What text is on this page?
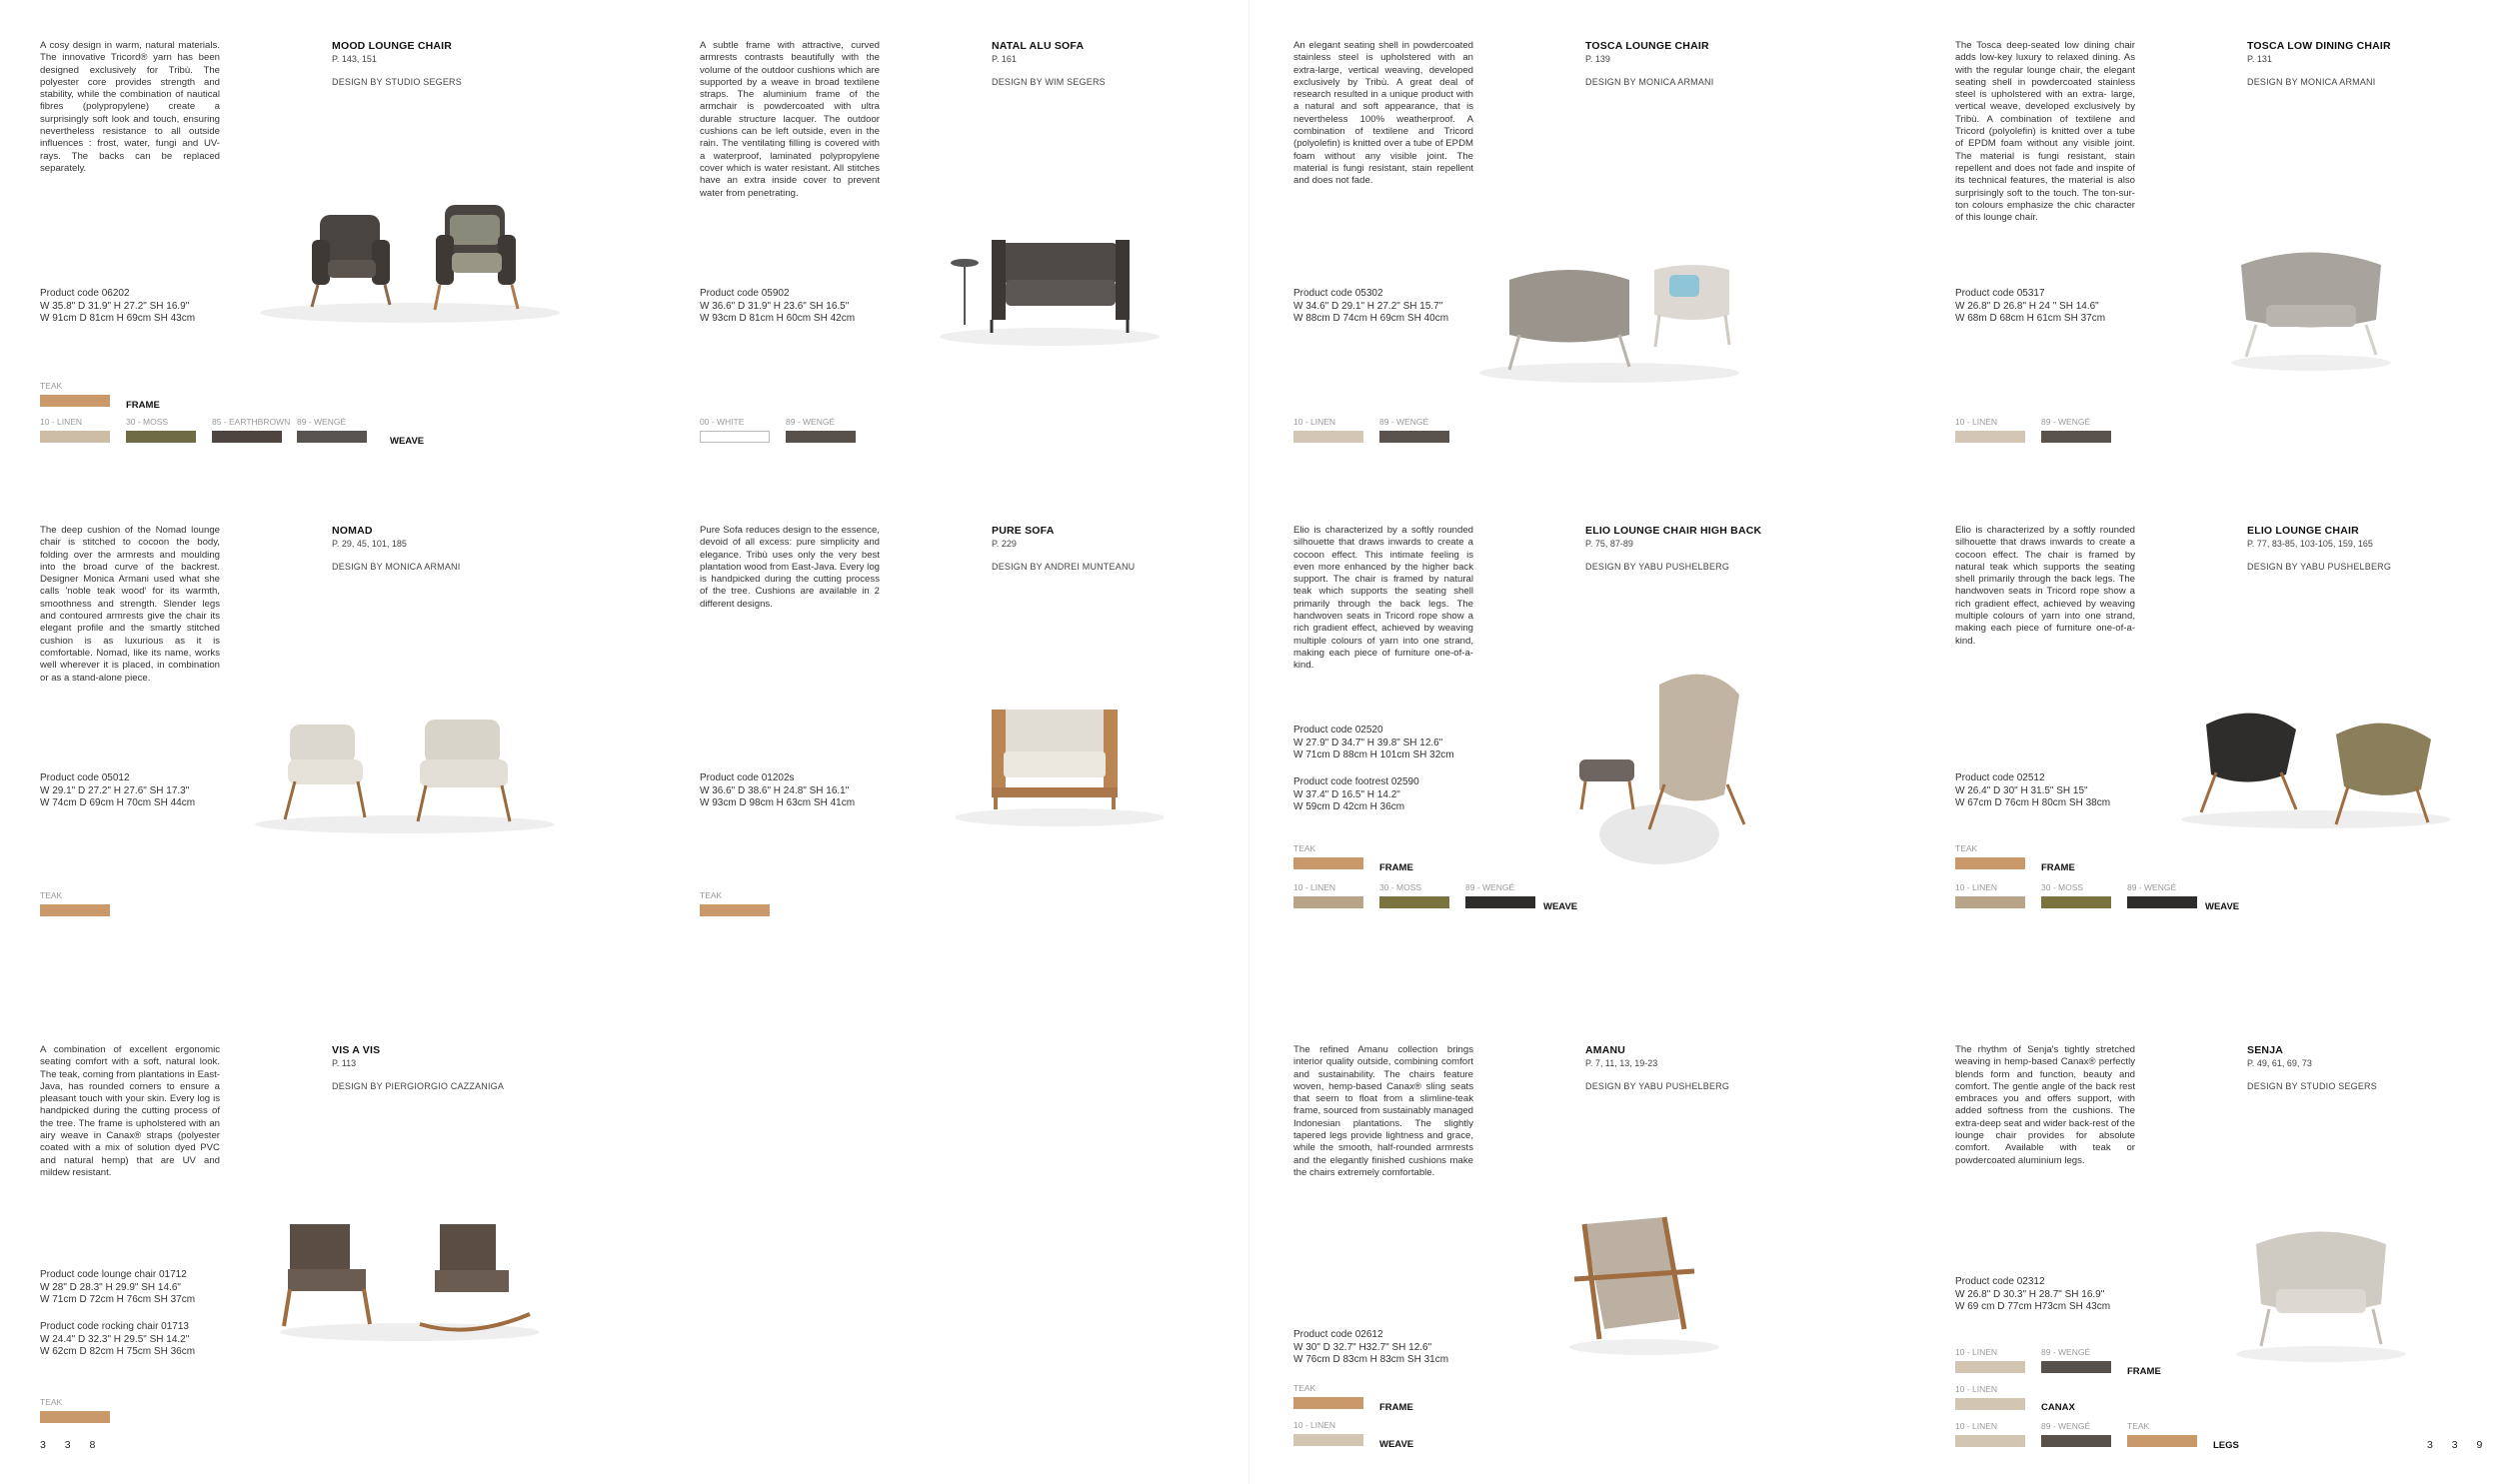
A cosy design in warm, natural materials. The innovative Tricord® yarn has been designed exclusively for Tribù. The polyester core provides strength and stability, while the combination of nautical fibres (polypropylene) create a surprisingly soft look and touch, ensuring nevertheless resistance to all outside influences : frost, water, fungi and UV-rays. The backs can be replaced separately.

MOOD LOUNGE CHAIR
P. 143, 151
DESIGN BY STUDIO SEGERS

Product code 06202
W 35.8" D 31.9" H 27.2" SH 16.9"
W 91cm D 81cm H 69cm SH 43cm

TEAK
FRAME
10 - LINEN	30 - MOSS	85 - EARTHBROWN 89 - WENGÉ
WEAVE

A subtle frame with attractive, curved armrests contrasts beautifully with the volume of the outdoor cushions which are supported by a weave in broad textilene straps. The aluminium frame of the armchair is powdercoated with ultra durable structure lacquer. The outdoor cushions can be left outside, even in the rain. The ventilating filling is covered with a waterproof, laminated polypropylene cover which is water resistant. All stitches have an extra inside cover to prevent water from penetrating.

NATAL ALU SOFA
P. 161
DESIGN BY WIM SEGERS

Product code 05902
W 36.6" D 31.9" H 23.6" SH 16.5"
W 93cm D 81cm H 60cm SH 42cm

00 - WHITE	89 - WENGÉ

The deep cushion of the Nomad lounge chair is stitched to cocoon the body, folding over the armrests and moulding into the broad curve of the backrest. Designer Monica Armani used what she calls 'noble teak wood' for its warmth, smoothness and strength. Slender legs and contoured armrests give the chair its elegant profile and the smartly stitched cushion is as luxurious as it is comfortable. Nomad, like its name, works well wherever it is placed, in combination or as a stand-alone piece.

NOMAD
P. 29, 45, 101, 185
DESIGN BY MONICA ARMANI

Product code 05012
W 29.1" D 27.2" H 27.6" SH 17.3"
W 74cm D 69cm H 70cm SH 44cm

TEAK

Pure Sofa reduces design to the essence, devoid of all excess: pure simplicity and elegance. Tribù uses only the very best plantation wood from East-Java. Every log is handpicked during the cutting process of the tree. Cushions are available in 2 different designs.

PURE SOFA
P. 229
DESIGN BY ANDREI MUNTEANU

Product code 01202s
W 36.6" D 38.6" H 24.8" SH 16.1"
W 93cm D 98cm H 63cm SH 41cm

TEAK

A combination of excellent ergonomic seating comfort with a soft, natural look. The teak, coming from plantations in East-Java, has rounded corners to ensure a pleasant touch with your skin. Every log is handpicked during the cutting process of the tree. The frame is upholstered with an airy weave in Canax® straps (polyester coated with a mix of solution dyed PVC and natural hemp) that are UV and mildew resistant.

VIS A VIS
P. 113
DESIGN BY PIERGIORGIO CAZZANIGA

Product code lounge chair 01712
W 28" D 28.3" H 29.9" SH 14.6"
W 71cm D 72cm H 76cm SH 37cm

Product code rocking chair 01713
W 24.4" D 32.3" H 29.5" SH 14.2"
W 62cm D 82cm H 75cm SH 36cm

TEAK
3 3 8

An elegant seating shell in powdercoated stainless steel is upholstered with an extra-large, vertical weaving, developed exclusively by Tribù. A great deal of research resulted in a unique product with a natural and soft appearance, that is nevertheless 100% weatherproof. A combination of textilene and Tricord (polyolefin) is knitted over a tube of EPDM foam without any visible joint. The material is fungi resistant, stain repellent and does not fade.

TOSCA LOUNGE CHAIR
P. 139
DESIGN BY MONICA ARMANI

Product code 05302
W 34.6" D 29.1" H 27.2" SH 15.7"
W 88cm D 74cm H 69cm SH 40cm

10 - LINEN	89 - WENGÉ

The Tosca deep-seated low dining chair adds low-key luxury to relaxed dining. As with the regular lounge chair, the elegant seating shell in powdercoated stainless steel is upholstered with an extra- large, vertical weave, developed exclusively by Tribù. A combination of textilene and Tricord (polyolefin) is knitted over a tube of EPDM foam without any visible joint. The material is fungi resistant, stain repellent and does not fade and inspite of its technical features, the material is also surprisingly soft to the touch. The ton-sur-ton colours emphasize the chic character of this lounge chair.

TOSCA LOW DINING CHAIR
P. 131
DESIGN BY MONICA ARMANI

Product code 05317
W 26.8" D 26.8" H 24 " SH 14.6"
W 68m D 68cm H 61cm SH 37cm

10 - LINEN	89 - WENGÉ

Elio is characterized by a softly rounded silhouette that draws inwards to create a cocoon effect. This intimate feeling is even more enhanced by the higher back support. The chair is framed by natural teak which supports the seating shell primarily through the back legs. The handwoven seats in Tricord rope show a rich gradient effect, achieved by weaving multiple colours of yarn into one strand, making each piece of furniture one-of-a-kind.

ELIO LOUNGE CHAIR HIGH BACK
P. 75, 87-89
DESIGN BY YABU PUSHELBERG

Product code 02520
W 27.9" D 34.7" H 39.8" SH 12.6"
W 71cm D 88cm H 101cm SH 32cm

Product code footrest 02590
W 37.4" D 16.5" H 14.2"
W 59cm D 42cm H 36cm

TEAK
FRAME
10 - LINEN	30 - MOSS	89 - WENGÉ
WEAVE

Elio is characterized by a softly rounded silhouette that draws inwards to create a cocoon effect. The chair is framed by natural teak which supports the seating shell primarily through the back legs. The handwoven seats in Tricord rope show a rich gradient effect, achieved by weaving multiple colours of yarn into one strand, making each piece of furniture one-of-a-kind.

ELIO LOUNGE CHAIR
P. 77, 83-85, 103-105, 159, 165
DESIGN BY YABU PUSHELBERG

Product code 02512
W 26.4" D 30" H 31.5" SH 15"
W 67cm D 76cm H 80cm SH 38cm

TEAK
FRAME
10 - LINEN	30 - MOSS	89 - WENGÉ
WEAVE

The refined Amanu collection brings interior quality outside, combining comfort and sustainability. The chairs feature woven, hemp-based Canax® sling seats that seem to float from a slimline-teak frame, sourced from sustainably managed Indonesian plantations. The slightly tapered legs provide lightness and grace, while the smooth, half-rounded armrests and the elegantly finished cushions make the chairs extremely comfortable.

AMANU
P. 7, 11, 13, 19-23
DESIGN BY YABU PUSHELBERG

Product code 02612
W 30" D 32.7" H32.7" SH 12.6"
W 76cm D 83cm H 83cm SH 31cm

TEAK
FRAME
10 - LINEN
WEAVE

The rhythm of Senja's tightly stretched weaving in hemp-based Canax® perfectly blends form and function, beauty and comfort. The gentle angle of the back rest embraces you and offers support, with added softness from the cushions. The extra-deep seat and wider back-rest of the lounge chair provides for absolute comfort. Available with teak or powdercoated aluminium legs.

SENJA
P. 49, 61, 69, 73
DESIGN BY STUDIO SEGERS

Product code 02312
W 26.8" D 30.3" H 28.7" SH 16.9"
W 69 cm D 77cm H73cm SH 43cm

10 - LINEN	89 - WENGÉ
FRAME
10 - LINEN
CANAX
10 - LINEN	89 - WENGÉ	TEAK
LEGS	3 3 9
